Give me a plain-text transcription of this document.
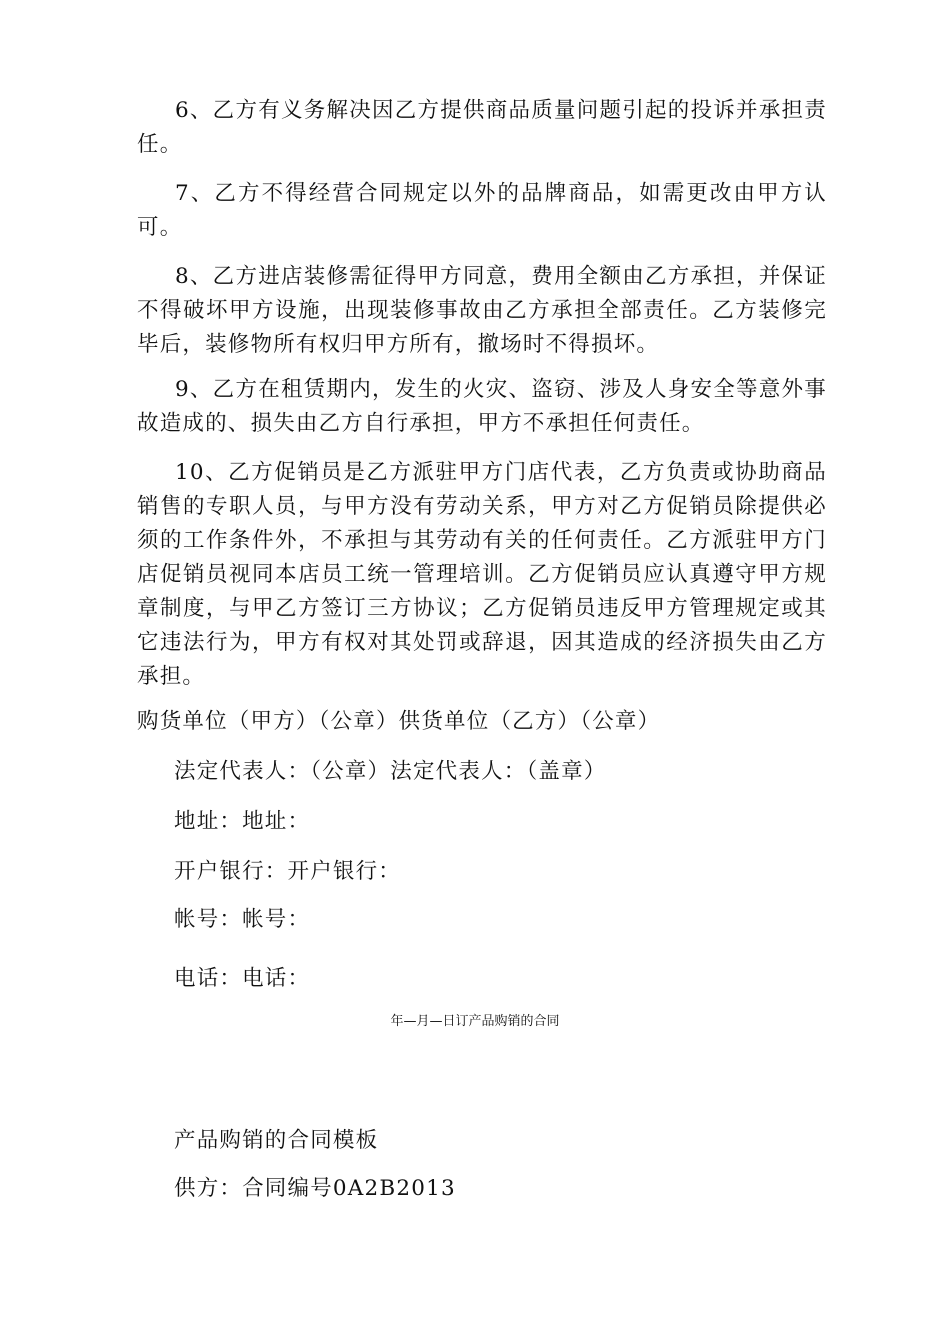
6、乙方有义务解决因乙方提供商品质量问题引起的投诉并承担责任。

7、乙方不得经营合同规定以外的品牌商品，如需更改由甲方认可。

8、乙方进店装修需征得甲方同意，费用全额由乙方承担，并保证不得破坏甲方设施，出现装修事故由乙方承担全部责任。乙方装修完毕后，装修物所有权归甲方所有，撤场时不得损坏。

9、乙方在租赁期内，发生的火灾、盗窃、涉及人身安全等意外事故造成的、损失由乙方自行承担，甲方不承担任何责任。

10、乙方促销员是乙方派驻甲方门店代表，乙方负责或协助商品销售的专职人员，与甲方没有劳动关系，甲方对乙方促销员除提供必须的工作条件外，不承担与其劳动有关的任何责任。乙方派驻甲方门店促销员视同本店员工统一管理培训。乙方促销员应认真遵守甲方规章制度，与甲乙方签订三方协议；乙方促销员违反甲方管理规定或其它违法行为，甲方有权对其处罚或辞退，因其造成的经济损失由乙方承担。

购货单位（甲方）（公章）供货单位（乙方）（公章）

法定代表人：（公章）法定代表人：（盖章）

地址：地址：

开户银行：开户银行：

帐号：帐号：

电话：电话：

年—月—日订产品购销的合同

产品购销的合同模板

供方：合同编号0A2B2013
